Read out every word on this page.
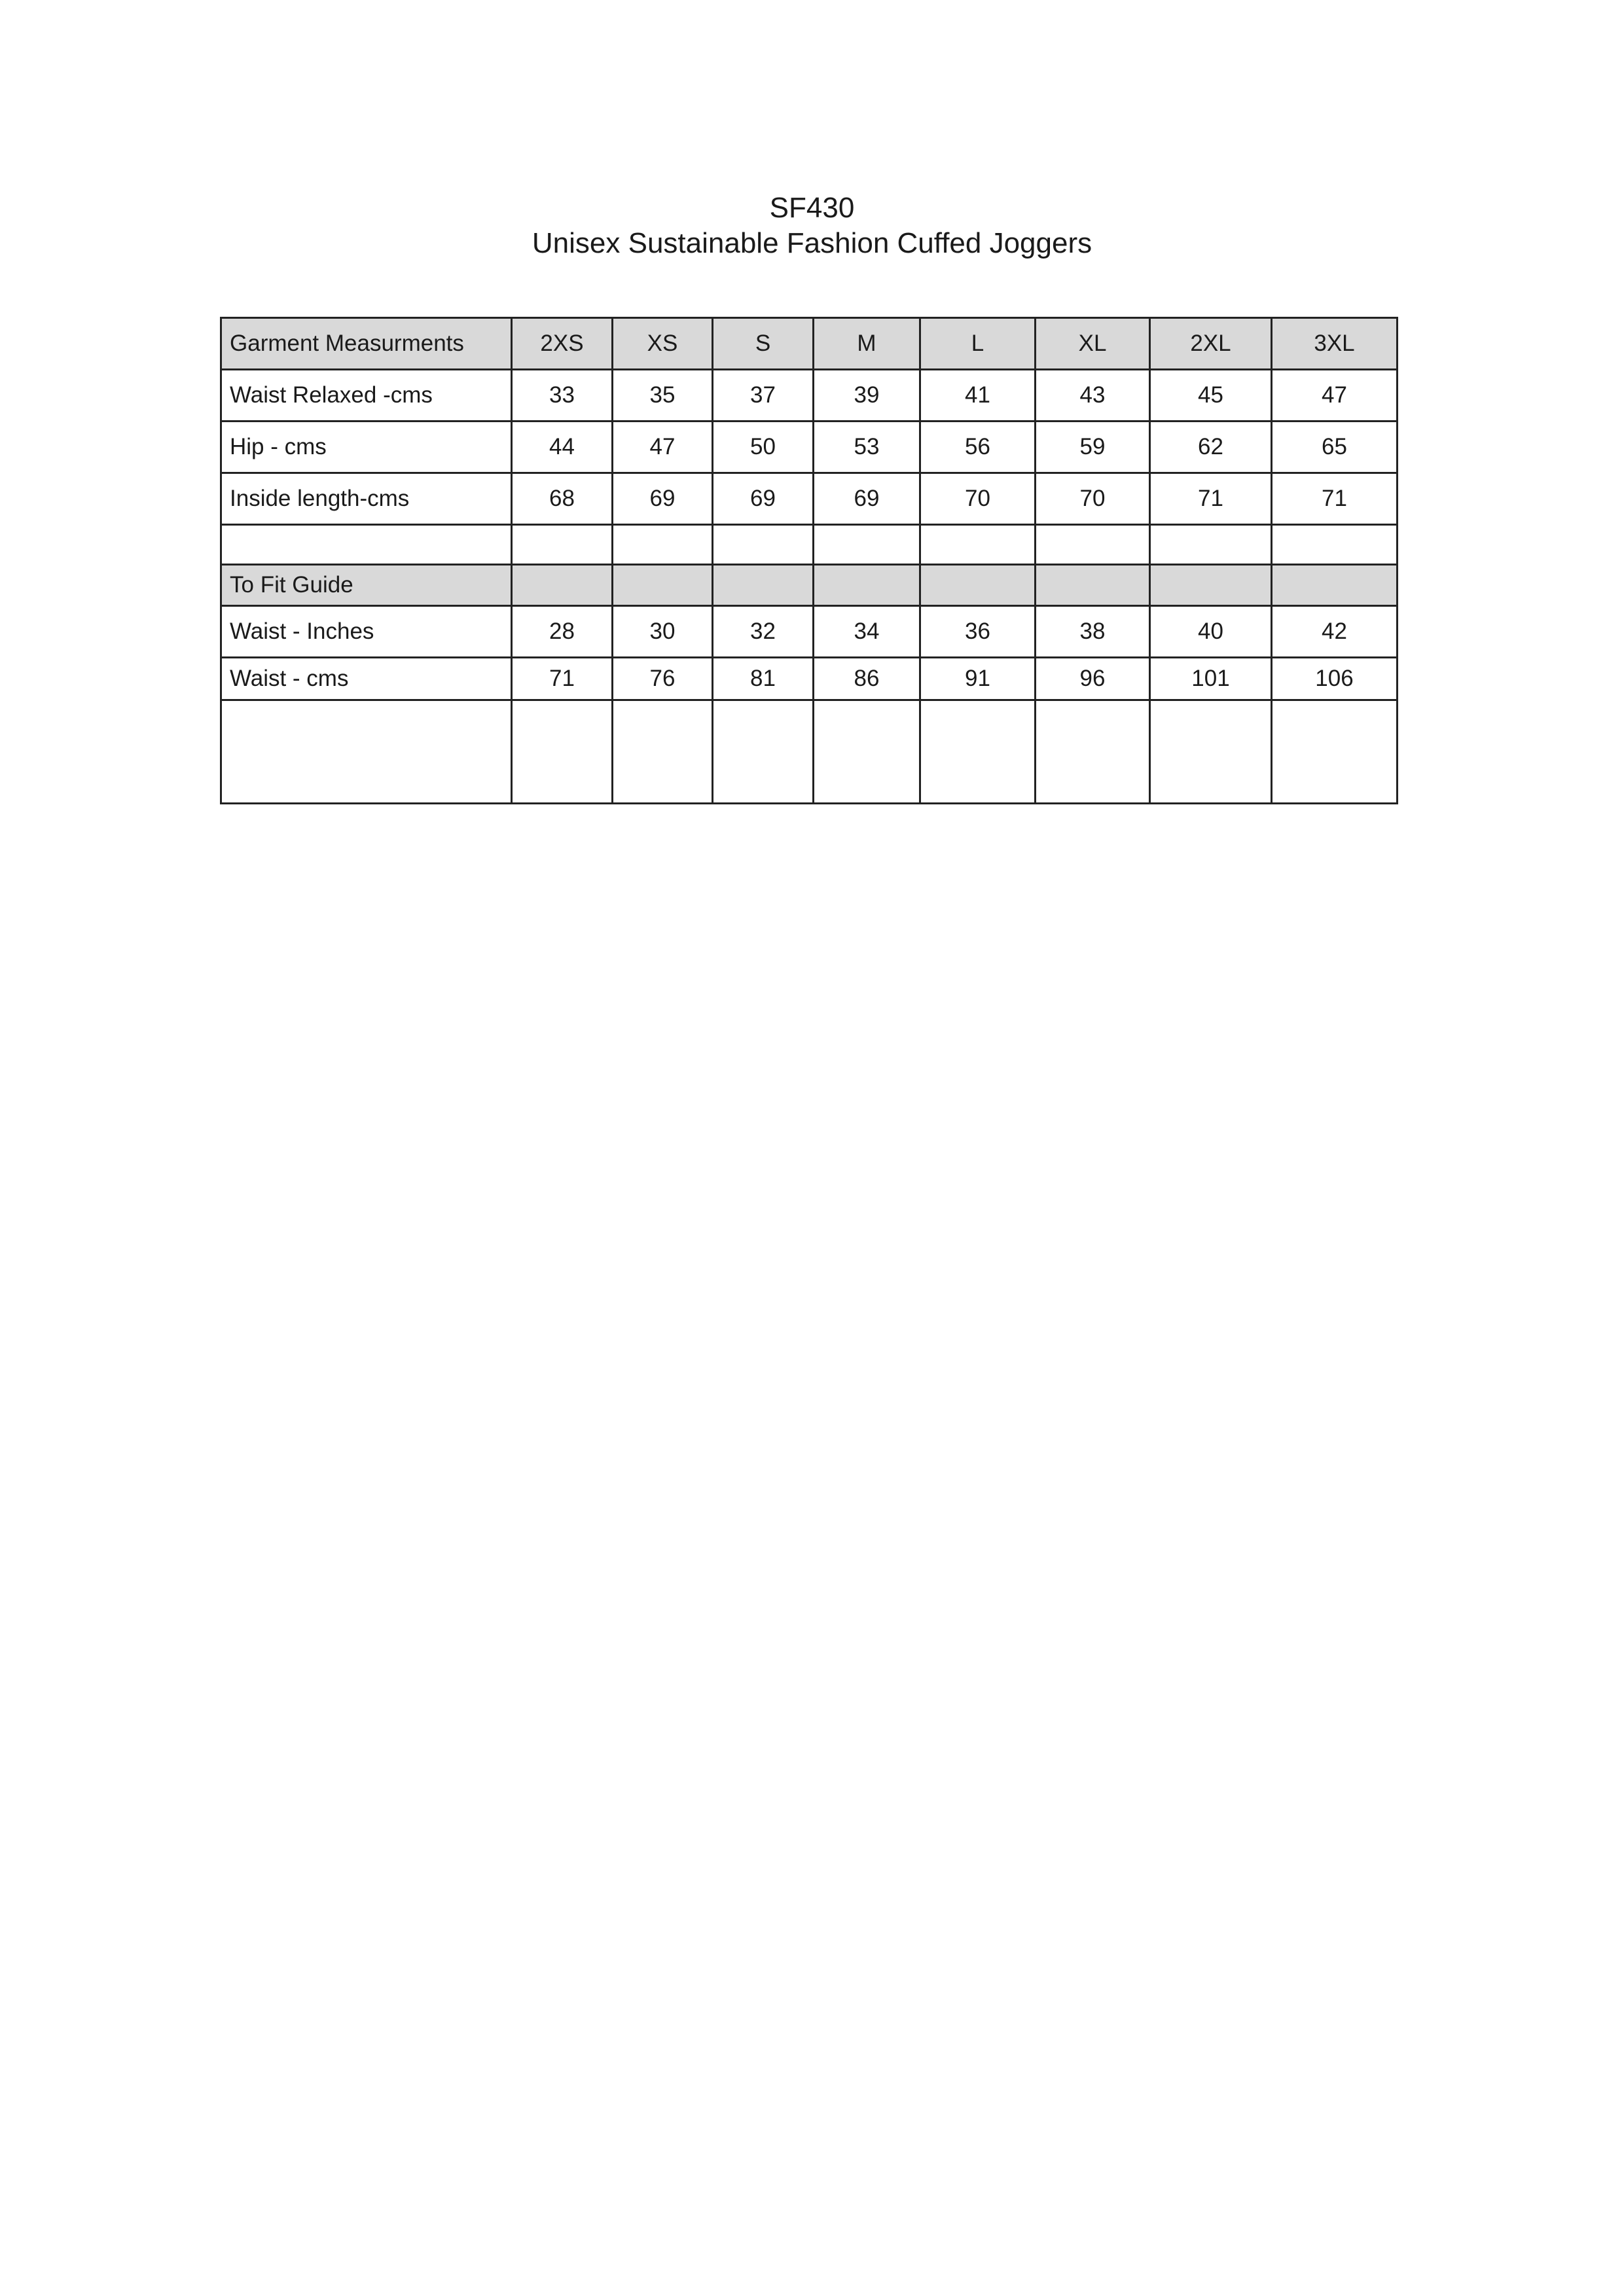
SF430
Unisex Sustainable Fashion Cuffed Joggers
Garment Measurments	2XS	XS	S	M	L	XL	2XL	3XL
Waist Relaxed -cms	33	35	37	39	41	43	45	47
Hip - cms	44	47	50	53	56	59	62	65
Inside length-cms	68	69	69	69	70	70	71	71

To Fit Guide								
Waist - Inches	28	30	32	34	36	38	40	42
Waist - cms	71	76	81	86	91	96	101	106
